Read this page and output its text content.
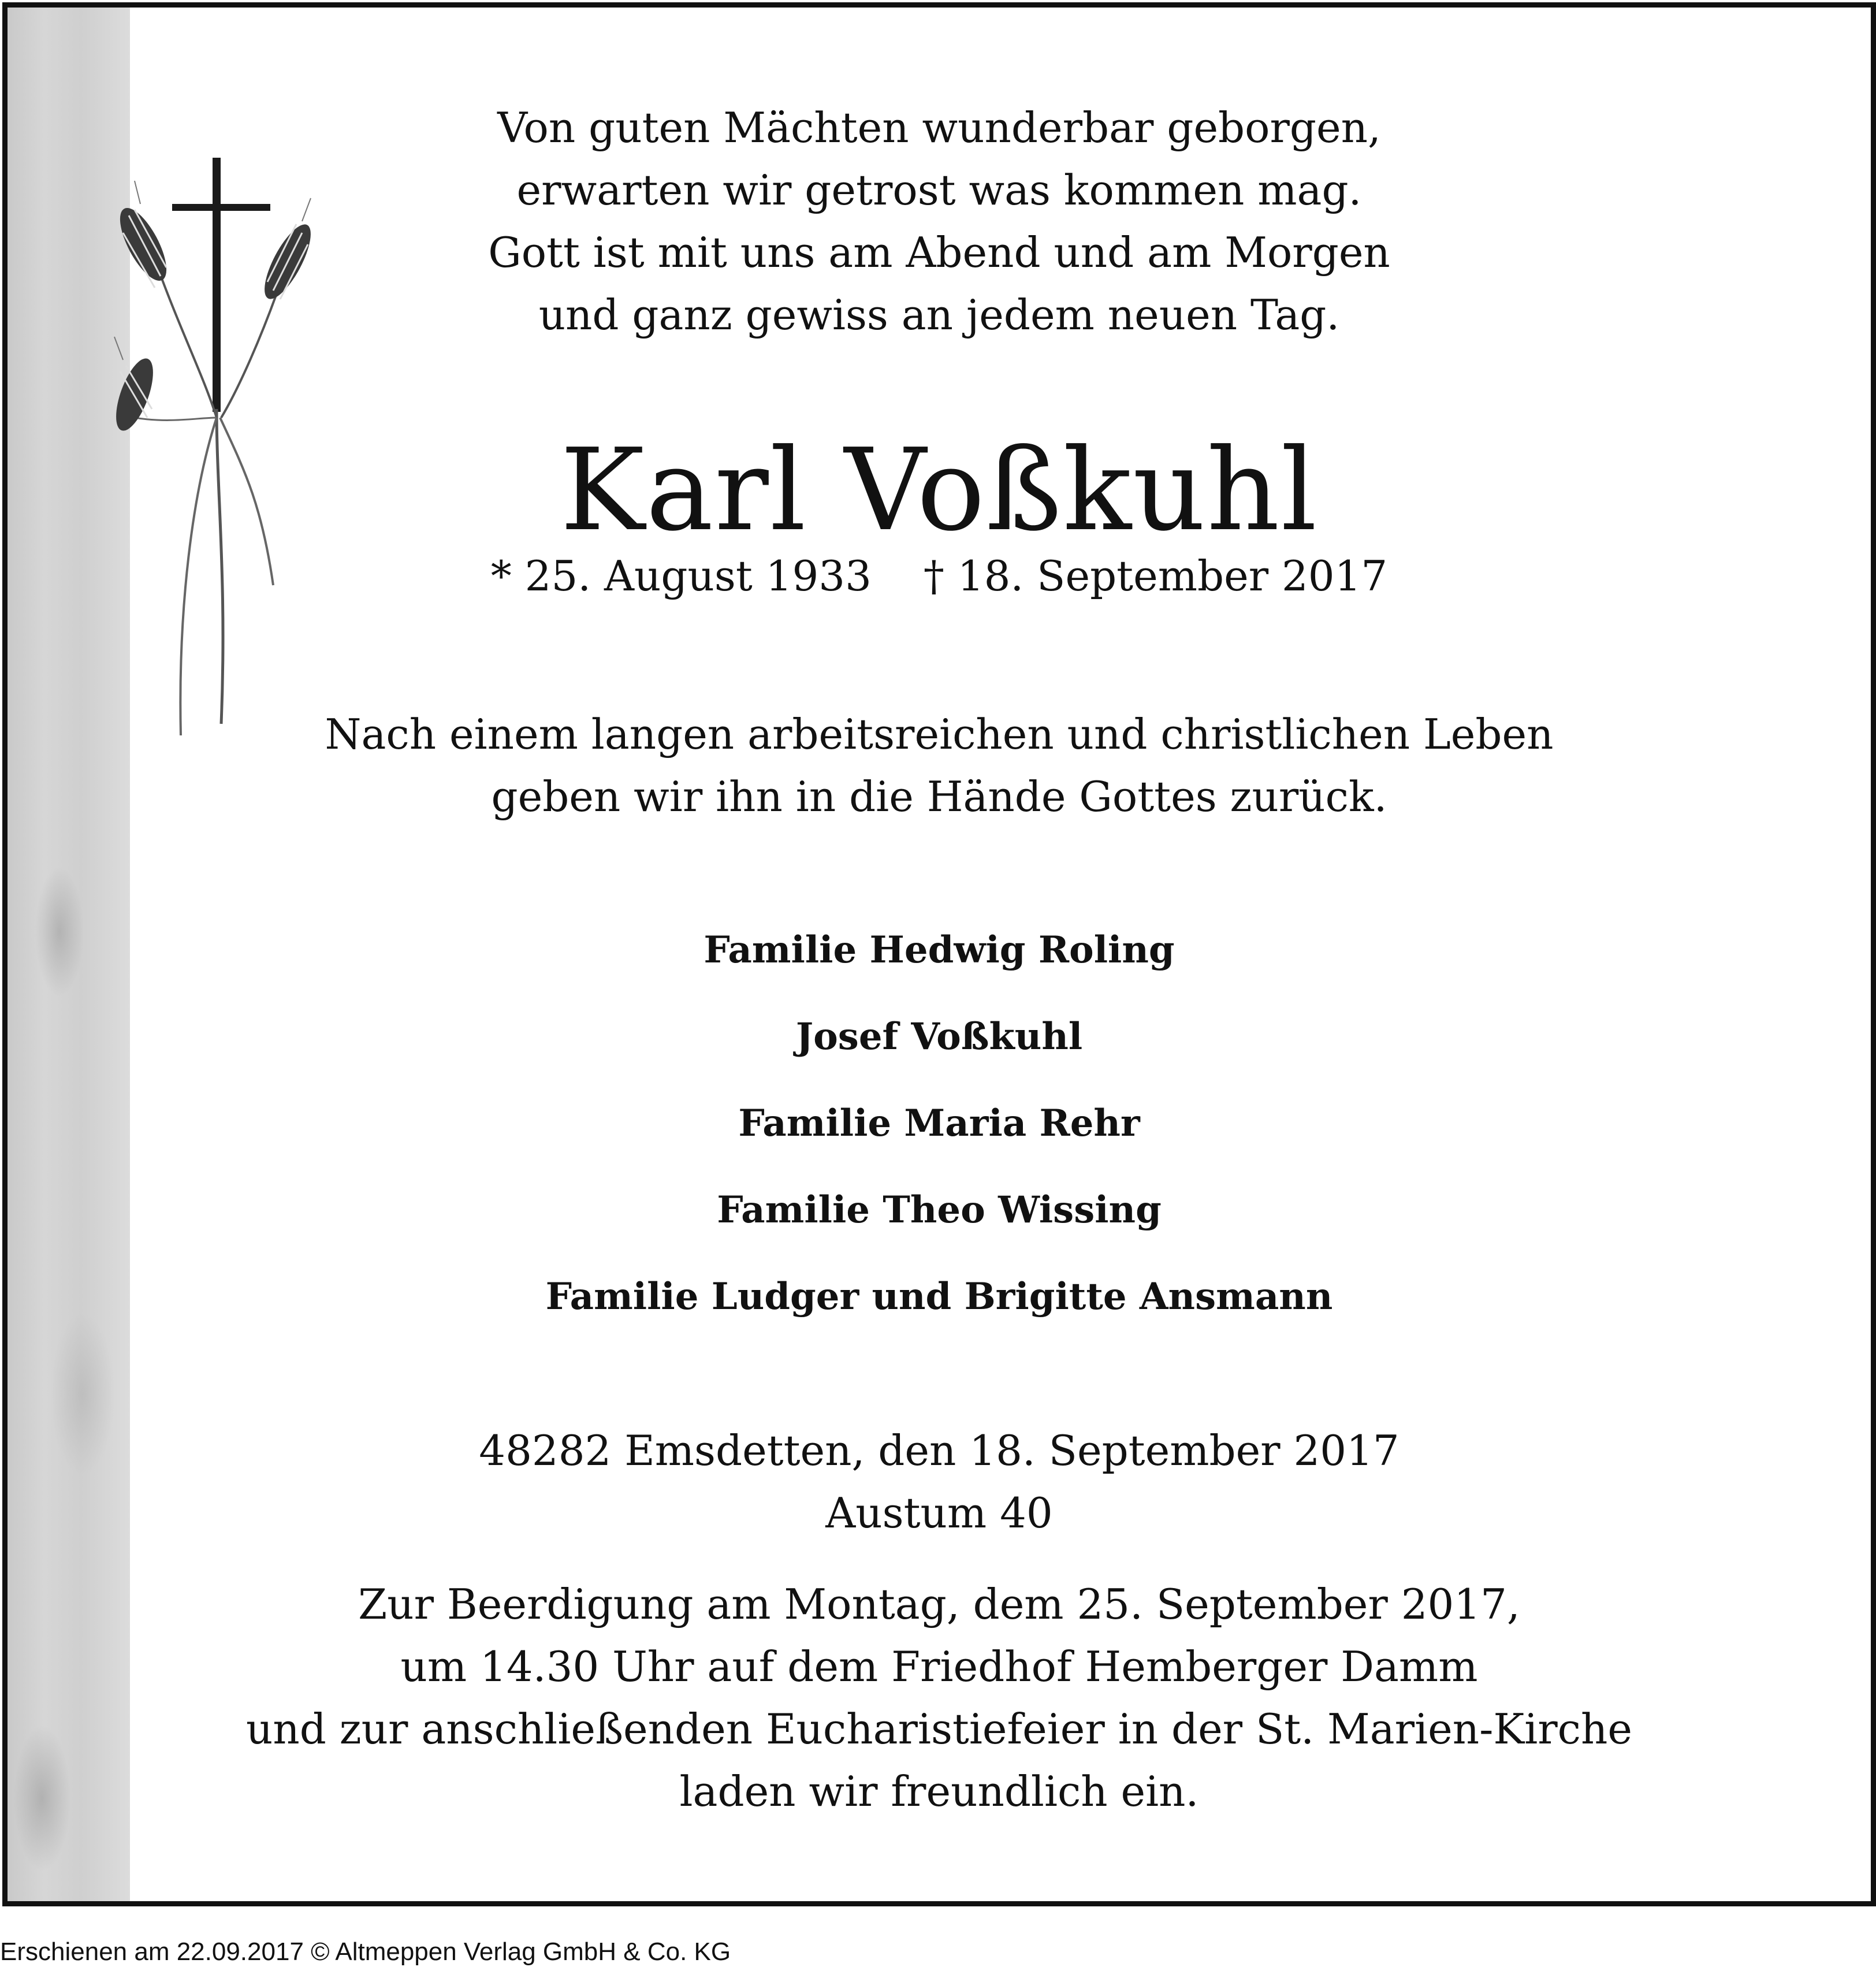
Von guten Mächten wunderbar geborgen,
erwarten wir getrost was kommen mag.
Gott ist mit uns am Abend und am Morgen
und ganz gewiss an jedem neuen Tag.
Karl Voßkuhl
* 25. August 1933 † 18. September 2017
Nach einem langen arbeitsreichen und christlichen Leben
geben wir ihn in die Hände Gottes zurück.
Familie Hedwig Roling
Josef Voßkuhl
Familie Maria Rehr
Familie Theo Wissing
Familie Ludger und Brigitte Ansmann
48282 Emsdetten, den 18. September 2017
Austum 40
Zur Beerdigung am Montag, dem 25. September 2017,
um 14.30 Uhr auf dem Friedhof Hemberger Damm
und zur anschließenden Eucharistiefeier in der St. Marien-Kirche
laden wir freundlich ein.
Erschienen am 22.09.2017 © Altmeppen Verlag GmbH & Co. KG
